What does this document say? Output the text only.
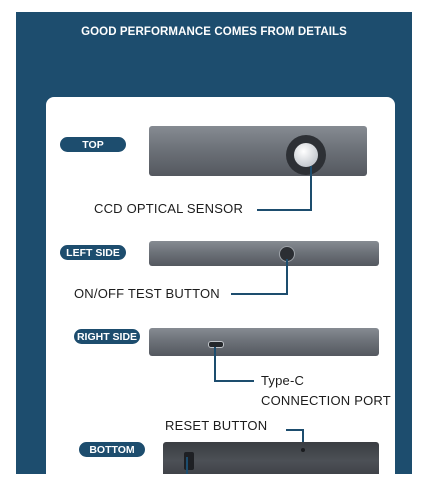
GOOD PERFORMANCE COMES FROM DETAILS
TOP
CCD OPTICAL SENSOR
LEFT SIDE
ON/OFF TEST BUTTON
RIGHT SIDE
Type-C
CONNECTION PORT
RESET BUTTON
BOTTOM
